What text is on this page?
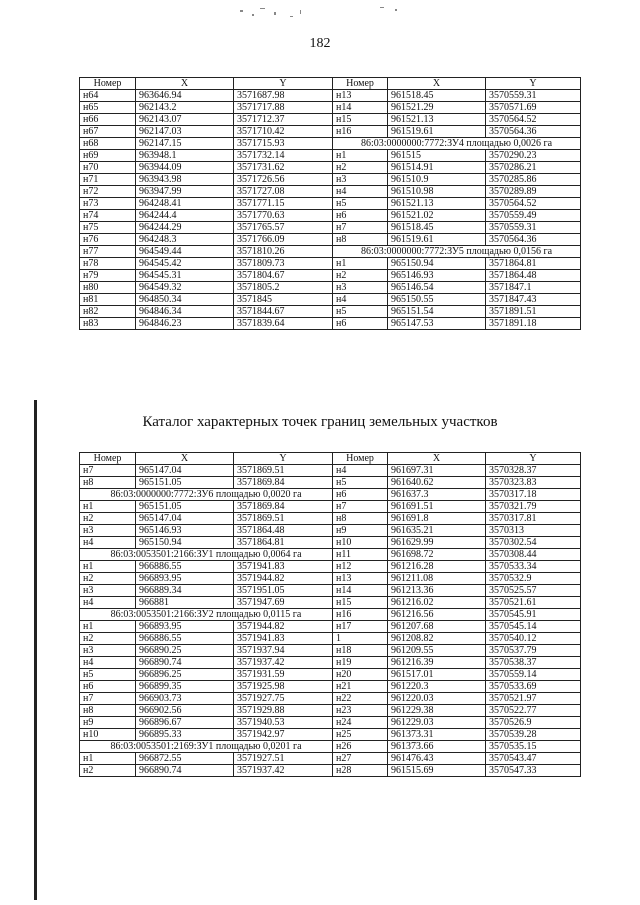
182
Номер	X	Y	Номер	X	Y
н64	963646.94	3571687.98	н13	961518.45	3570559.31
н65	962143.2	3571717.88	н14	961521.29	3570571.69
н66	962143.07	3571712.37	н15	961521.13	3570564.52
н67	962147.03	3571710.42	н16	961519.61	3570564.36
н68	962147.15	3571715.93	86:03:0000000:7772:ЗУ4 площадью 0,0026 га		
н69	963948.1	3571732.14	н1	961515	3570290.23
н70	963944.09	3571731.62	н2	961514.91	3570286.21
н71	963943.98	3571726.56	н3	961510.9	3570285.86
н72	963947.99	3571727.08	н4	961510.98	3570289.89
н73	964248.41	3571771.15	н5	961521.13	3570564.52
н74	964244.4	3571770.63	н6	961521.02	3570559.49
н75	964244.29	3571765.57	н7	961518.45	3570559.31
н76	964248.3	3571766.09	н8	961519.61	3570564.36
н77	964549.44	3571810.26	86:03:0000000:7772:ЗУ5 площадью 0,0156 га		
н78	964545.42	3571809.73	н1	965150.94	3571864.81
н79	964545.31	3571804.67	н2	965146.93	3571864.48
н80	964549.32	3571805.2	н3	965146.54	3571847.1
н81	964850.34	3571845	н4	965150.55	3571847.43
н82	964846.34	3571844.67	н5	965151.54	3571891.51
н83	964846.23	3571839.64	н6	965147.53	3571891.18
Каталог характерных точек границ земельных участков
Номер	X	Y	Номер	X	Y
н7	965147.04	3571869.51	н4	961697.31	3570328.37
н8	965151.05	3571869.84	н5	961640.62	3570323.83
86:03:0000000:7772:ЗУ6 площадью 0,0020 га			н6	961637.3	3570317.18
н1	965151.05	3571869.84	н7	961691.51	3570321.79
н2	965147.04	3571869.51	н8	961691.8	3570317.81
н3	965146.93	3571864.48	н9	961635.21	3570313
н4	965150.94	3571864.81	н10	961629.99	3570302.54
86:03:0053501:2166:ЗУ1 площадью 0,0064 га			н11	961698.72	3570308.44
н1	966886.55	3571941.83	н12	961216.28	3570533.34
н2	966893.95	3571944.82	н13	961211.08	3570532.9
н3	966889.34	3571951.05	н14	961213.36	3570525.57
н4	966881	3571947.69	н15	961216.02	3570521.61
86:03:0053501:2166:ЗУ2 площадью 0,0115 га			н16	961216.56	3570545.91
н1	966893.95	3571944.82	н17	961207.68	3570545.14
н2	966886.55	3571941.83	1	961208.82	3570540.12
н3	966890.25	3571937.94	н18	961209.55	3570537.79
н4	966890.74	3571937.42	н19	961216.39	3570538.37
н5	966896.25	3571931.59	н20	961517.01	3570559.14
н6	966899.35	3571925.98	н21	961220.3	3570533.69
н7	966903.73	3571927.75	н22	961220.03	3570521.97
н8	966902.56	3571929.88	н23	961229.38	3570522.77
н9	966896.67	3571940.53	н24	961229.03	3570526.9
н10	966895.33	3571942.97	н25	961373.31	3570539.28
86:03:0053501:2169:ЗУ1 площадью 0,0201 га			н26	961373.66	3570535.15
н1	966872.55	3571927.51	н27	961476.43	3570543.47
н2	966890.74	3571937.42	н28	961515.69	3570547.33
